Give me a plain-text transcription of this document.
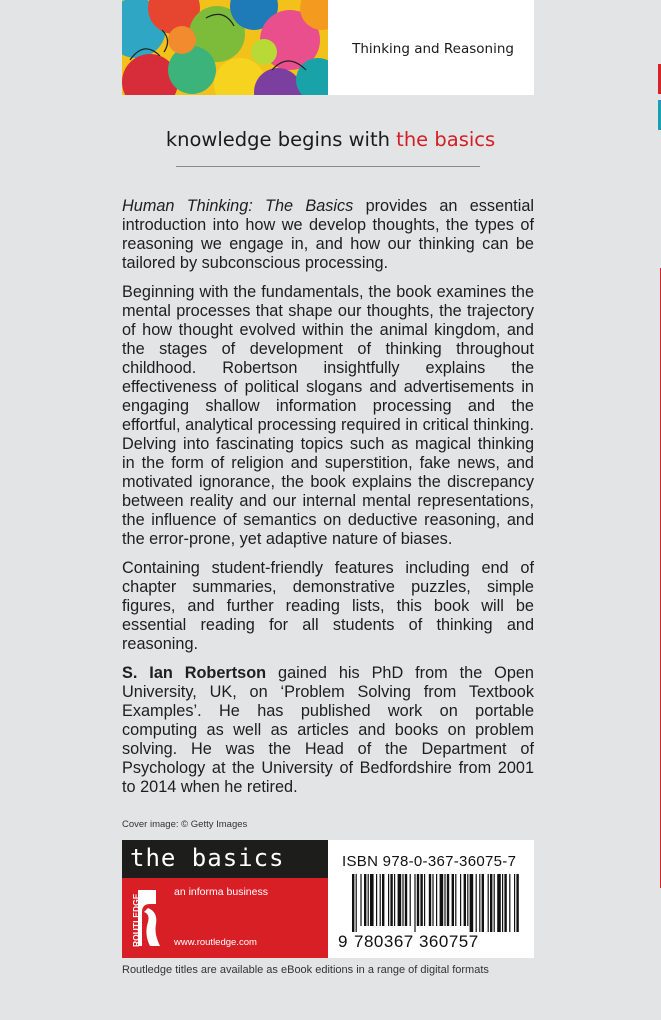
Thinking and Reasoning
knowledge begins with the basics

Human Thinking: The Basics provides an essential introduction into how we develop thoughts, the types of reasoning we engage in, and how our thinking can be tailored by subconscious processing.

Beginning with the fundamentals, the book examines the mental processes that shape our thoughts, the trajectory of how thought evolved within the animal kingdom, and the stages of development of thinking throughout childhood. Robertson insightfully explains the effectiveness of political slogans and advertisements in engaging shallow information processing and the effortful, analytical processing required in critical thinking. Delving into fascinating topics such as magical thinking in the form of religion and superstition, fake news, and motivated ignorance, the book explains the discrepancy between reality and our internal mental representations, the influence of semantics on deductive reasoning, and the error-prone, yet adaptive nature of biases.

Containing student-friendly features including end of chapter summaries, demonstrative puzzles, simple figures, and further reading lists, this book will be essential reading for all students of thinking and reasoning.

S. Ian Robertson gained his PhD from the Open University, UK, on ‘Problem Solving from Textbook Examples’. He has published work on portable computing as well as articles and books on problem solving. He was the Head of the Department of Psychology at the University of Bedfordshire from 2001 to 2014 when he retired.

Cover image: © Getty Images
the basics
ROUTLEDGE
an informa business
www.routledge.com
ISBN 978-0-367-36075-7
9 780367 360757
Routledge titles are available as eBook editions in a range of digital formats
